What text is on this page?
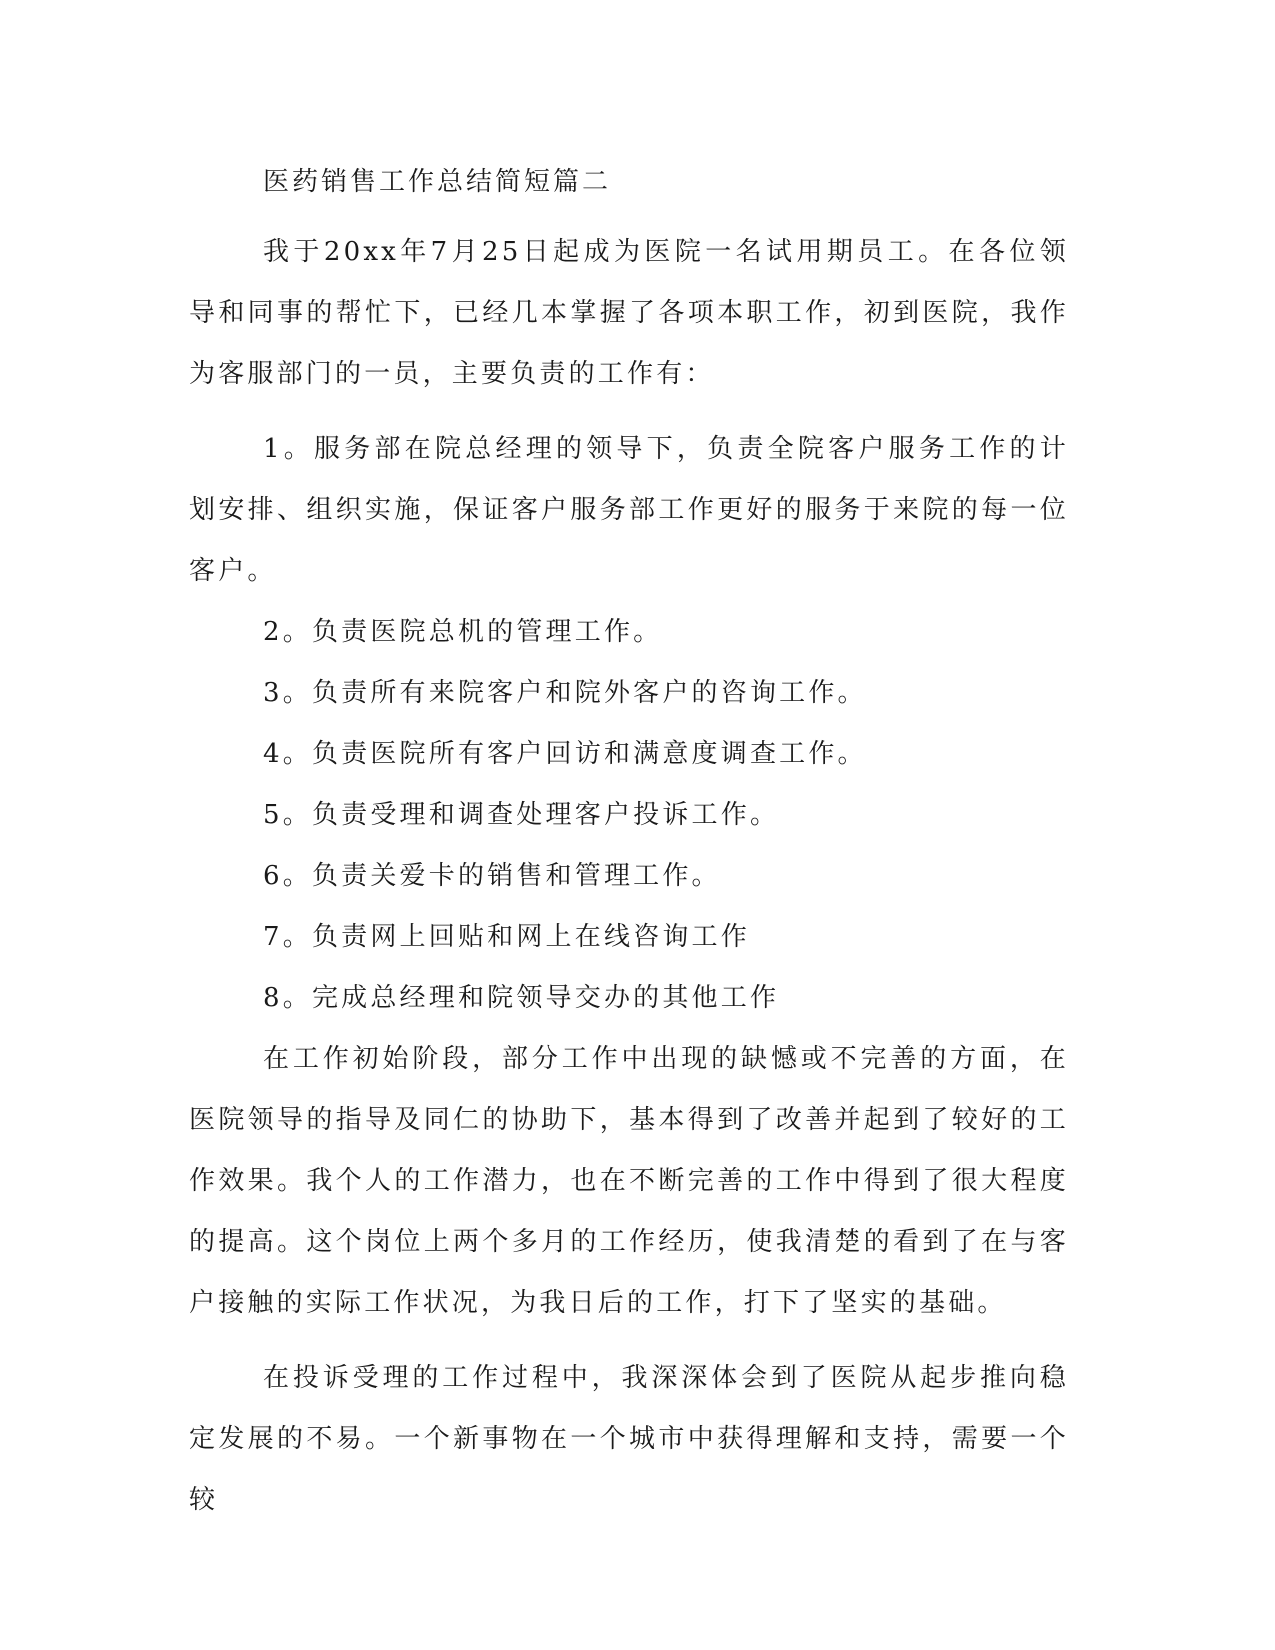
医药销售工作总结简短篇二

我于20xx年7月25日起成为医院一名试用期员工。在各位领导和同事的帮忙下，已经几本掌握了各项本职工作，初到医院，我作为客服部门的一员，主要负责的工作有：

1。服务部在院总经理的领导下，负责全院客户服务工作的计划安排、组织实施，保证客户服务部工作更好的服务于来院的每一位客户。

2。负责医院总机的管理工作。

3。负责所有来院客户和院外客户的咨询工作。

4。负责医院所有客户回访和满意度调查工作。

5。负责受理和调查处理客户投诉工作。

6。负责关爱卡的销售和管理工作。

7。负责网上回贴和网上在线咨询工作

8。完成总经理和院领导交办的其他工作

在工作初始阶段，部分工作中出现的缺憾或不完善的方面，在医院领导的指导及同仁的协助下，基本得到了改善并起到了较好的工作效果。我个人的工作潜力，也在不断完善的工作中得到了很大程度的提高。这个岗位上两个多月的工作经历，使我清楚的看到了在与客户接触的实际工作状况，为我日后的工作，打下了坚实的基础。

在投诉受理的工作过程中，我深深体会到了医院从起步推向稳定发展的不易。一个新事物在一个城市中获得理解和支持，需要一个较
